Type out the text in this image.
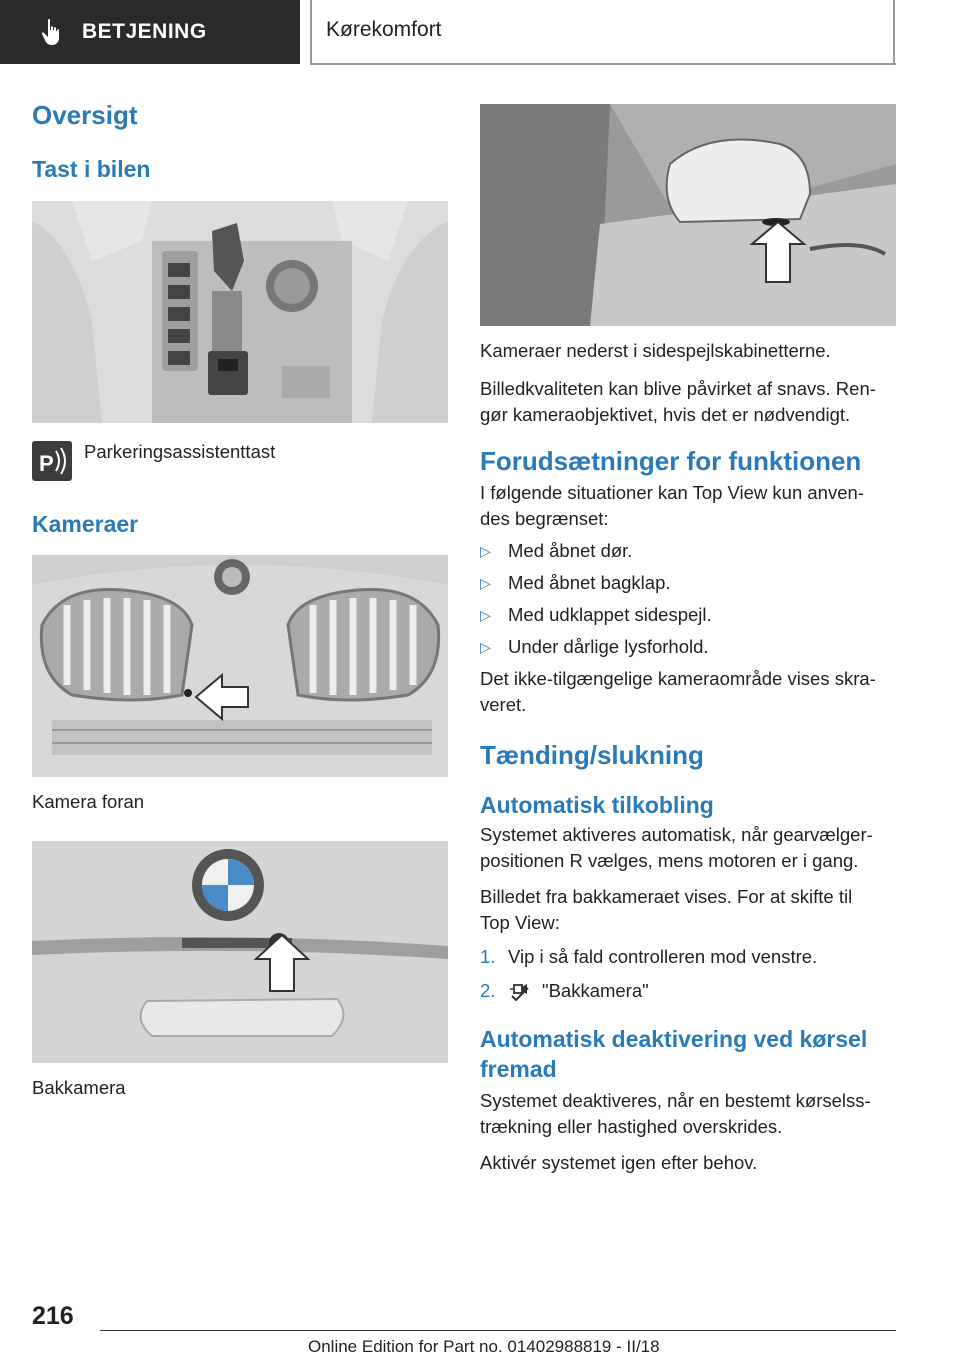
BETJENING	Kørekomfort
Oversigt
Tast i bilen
P Parkeringsassistenttast
Kameraer
Kamera foran
Bakkamera
Kameraer nederst i sidespejlskabinetterne.
Billedkvaliteten kan blive påvirket af snavs. Ren-gør kameraobjektivet, hvis det er nødvendigt.
Forudsætninger for funktionen
I følgende situationer kan Top View kun anven-des begrænset:
▷ Med åbnet dør.
▷ Med åbnet bagklap.
▷ Med udklappet sidespejl.
▷ Under dårlige lysforhold.
Det ikke-tilgængelige kameraområde vises skra-veret.
Tænding/slukning
Automatisk tilkobling
Systemet aktiveres automatisk, når gearvælger-positionen R vælges, mens motoren er i gang.
Billedet fra bakkameraet vises. For at skifte til Top View:
1. Vip i så fald controlleren mod venstre.
2.	"Bakkamera"
Automatisk deaktivering ved kørsel fremad
Systemet deaktiveres, når en bestemt kørselss-trækning eller hastighed overskrides.
Aktivér systemet igen efter behov.
216
Online Edition for Part no. 01402988819 - II/18
